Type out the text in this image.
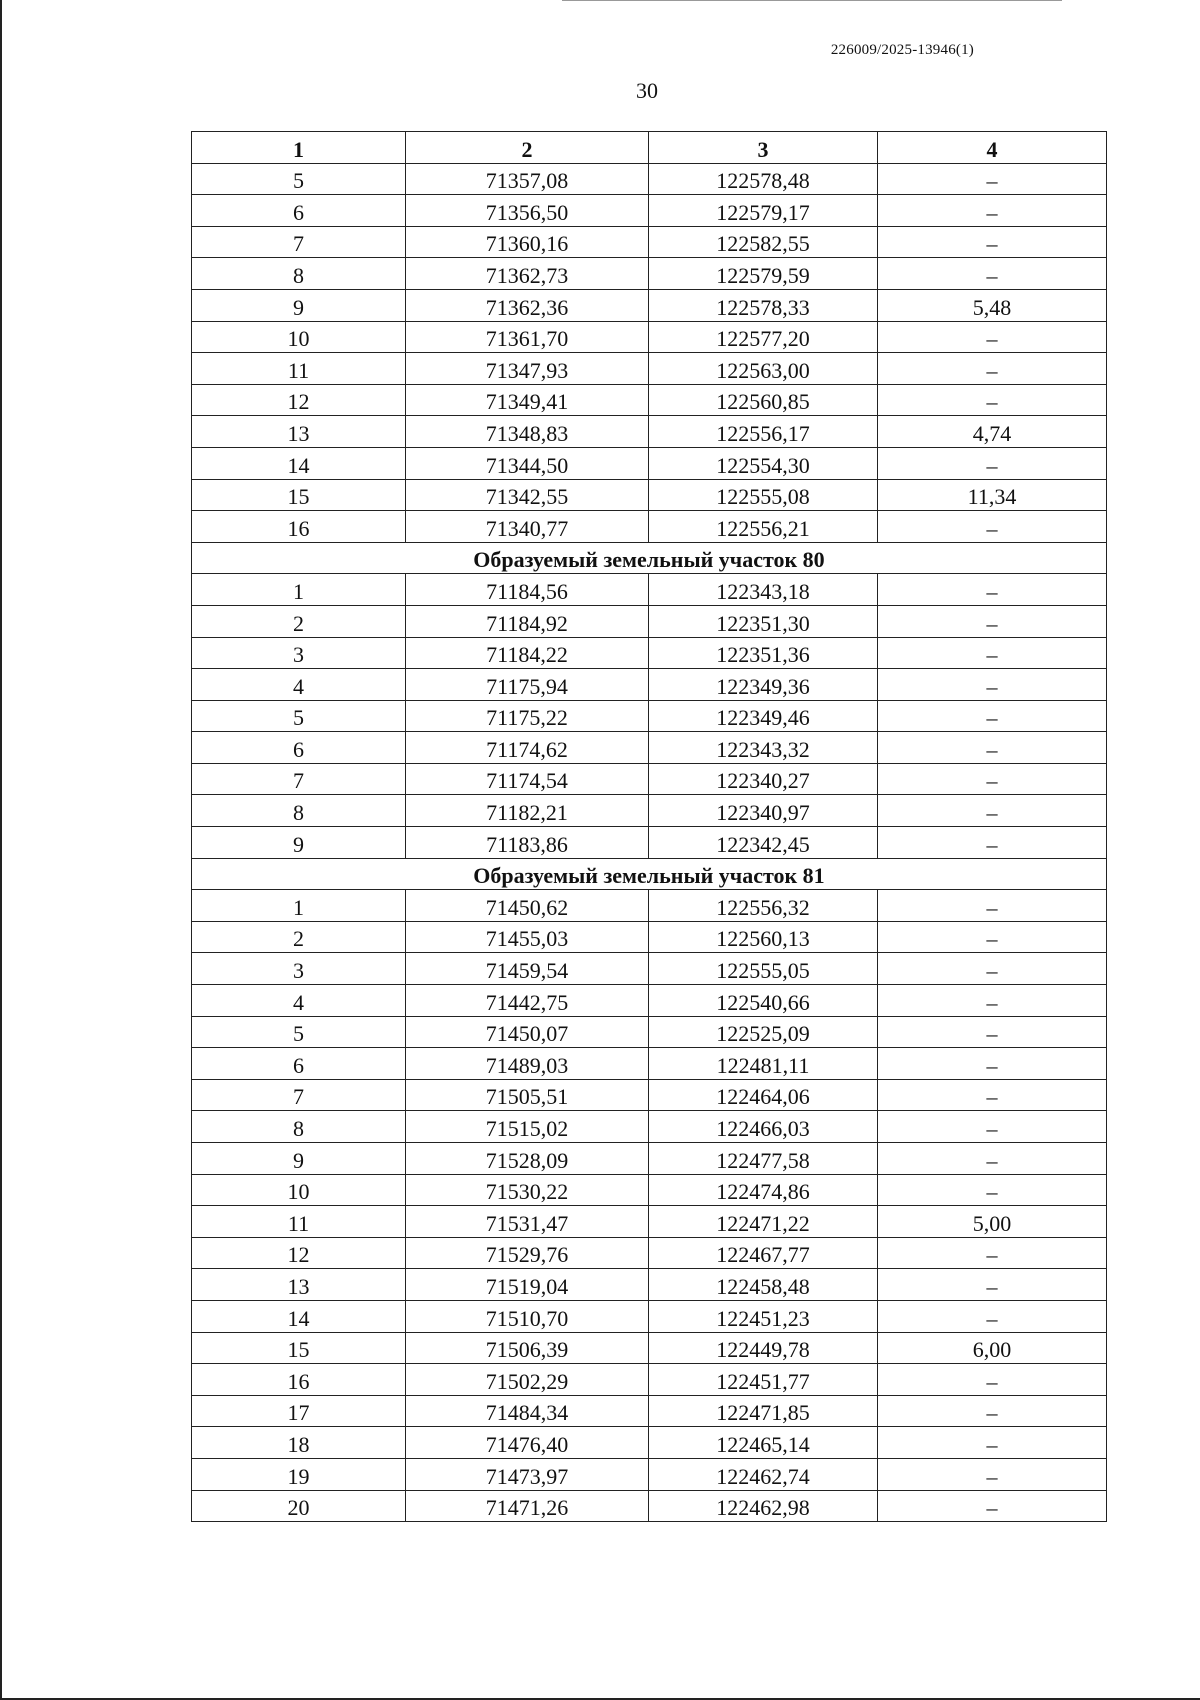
226009/2025-13946(1)
30
1	2	3	4
5	71357,08	122578,48	–
6	71356,50	122579,17	–
7	71360,16	122582,55	–
8	71362,73	122579,59	–
9	71362,36	122578,33	5,48
10	71361,70	122577,20	–
11	71347,93	122563,00	–
12	71349,41	122560,85	–
13	71348,83	122556,17	4,74
14	71344,50	122554,30	–
15	71342,55	122555,08	11,34
16	71340,77	122556,21	–
Образуемый земельный участок 80			
1	71184,56	122343,18	–
2	71184,92	122351,30	–
3	71184,22	122351,36	–
4	71175,94	122349,36	–
5	71175,22	122349,46	–
6	71174,62	122343,32	–
7	71174,54	122340,27	–
8	71182,21	122340,97	–
9	71183,86	122342,45	–
Образуемый земельный участок 81			
1	71450,62	122556,32	–
2	71455,03	122560,13	–
3	71459,54	122555,05	–
4	71442,75	122540,66	–
5	71450,07	122525,09	–
6	71489,03	122481,11	–
7	71505,51	122464,06	–
8	71515,02	122466,03	–
9	71528,09	122477,58	–
10	71530,22	122474,86	–
11	71531,47	122471,22	5,00
12	71529,76	122467,77	–
13	71519,04	122458,48	–
14	71510,70	122451,23	–
15	71506,39	122449,78	6,00
16	71502,29	122451,77	–
17	71484,34	122471,85	–
18	71476,40	122465,14	–
19	71473,97	122462,74	–
20	71471,26	122462,98	–
